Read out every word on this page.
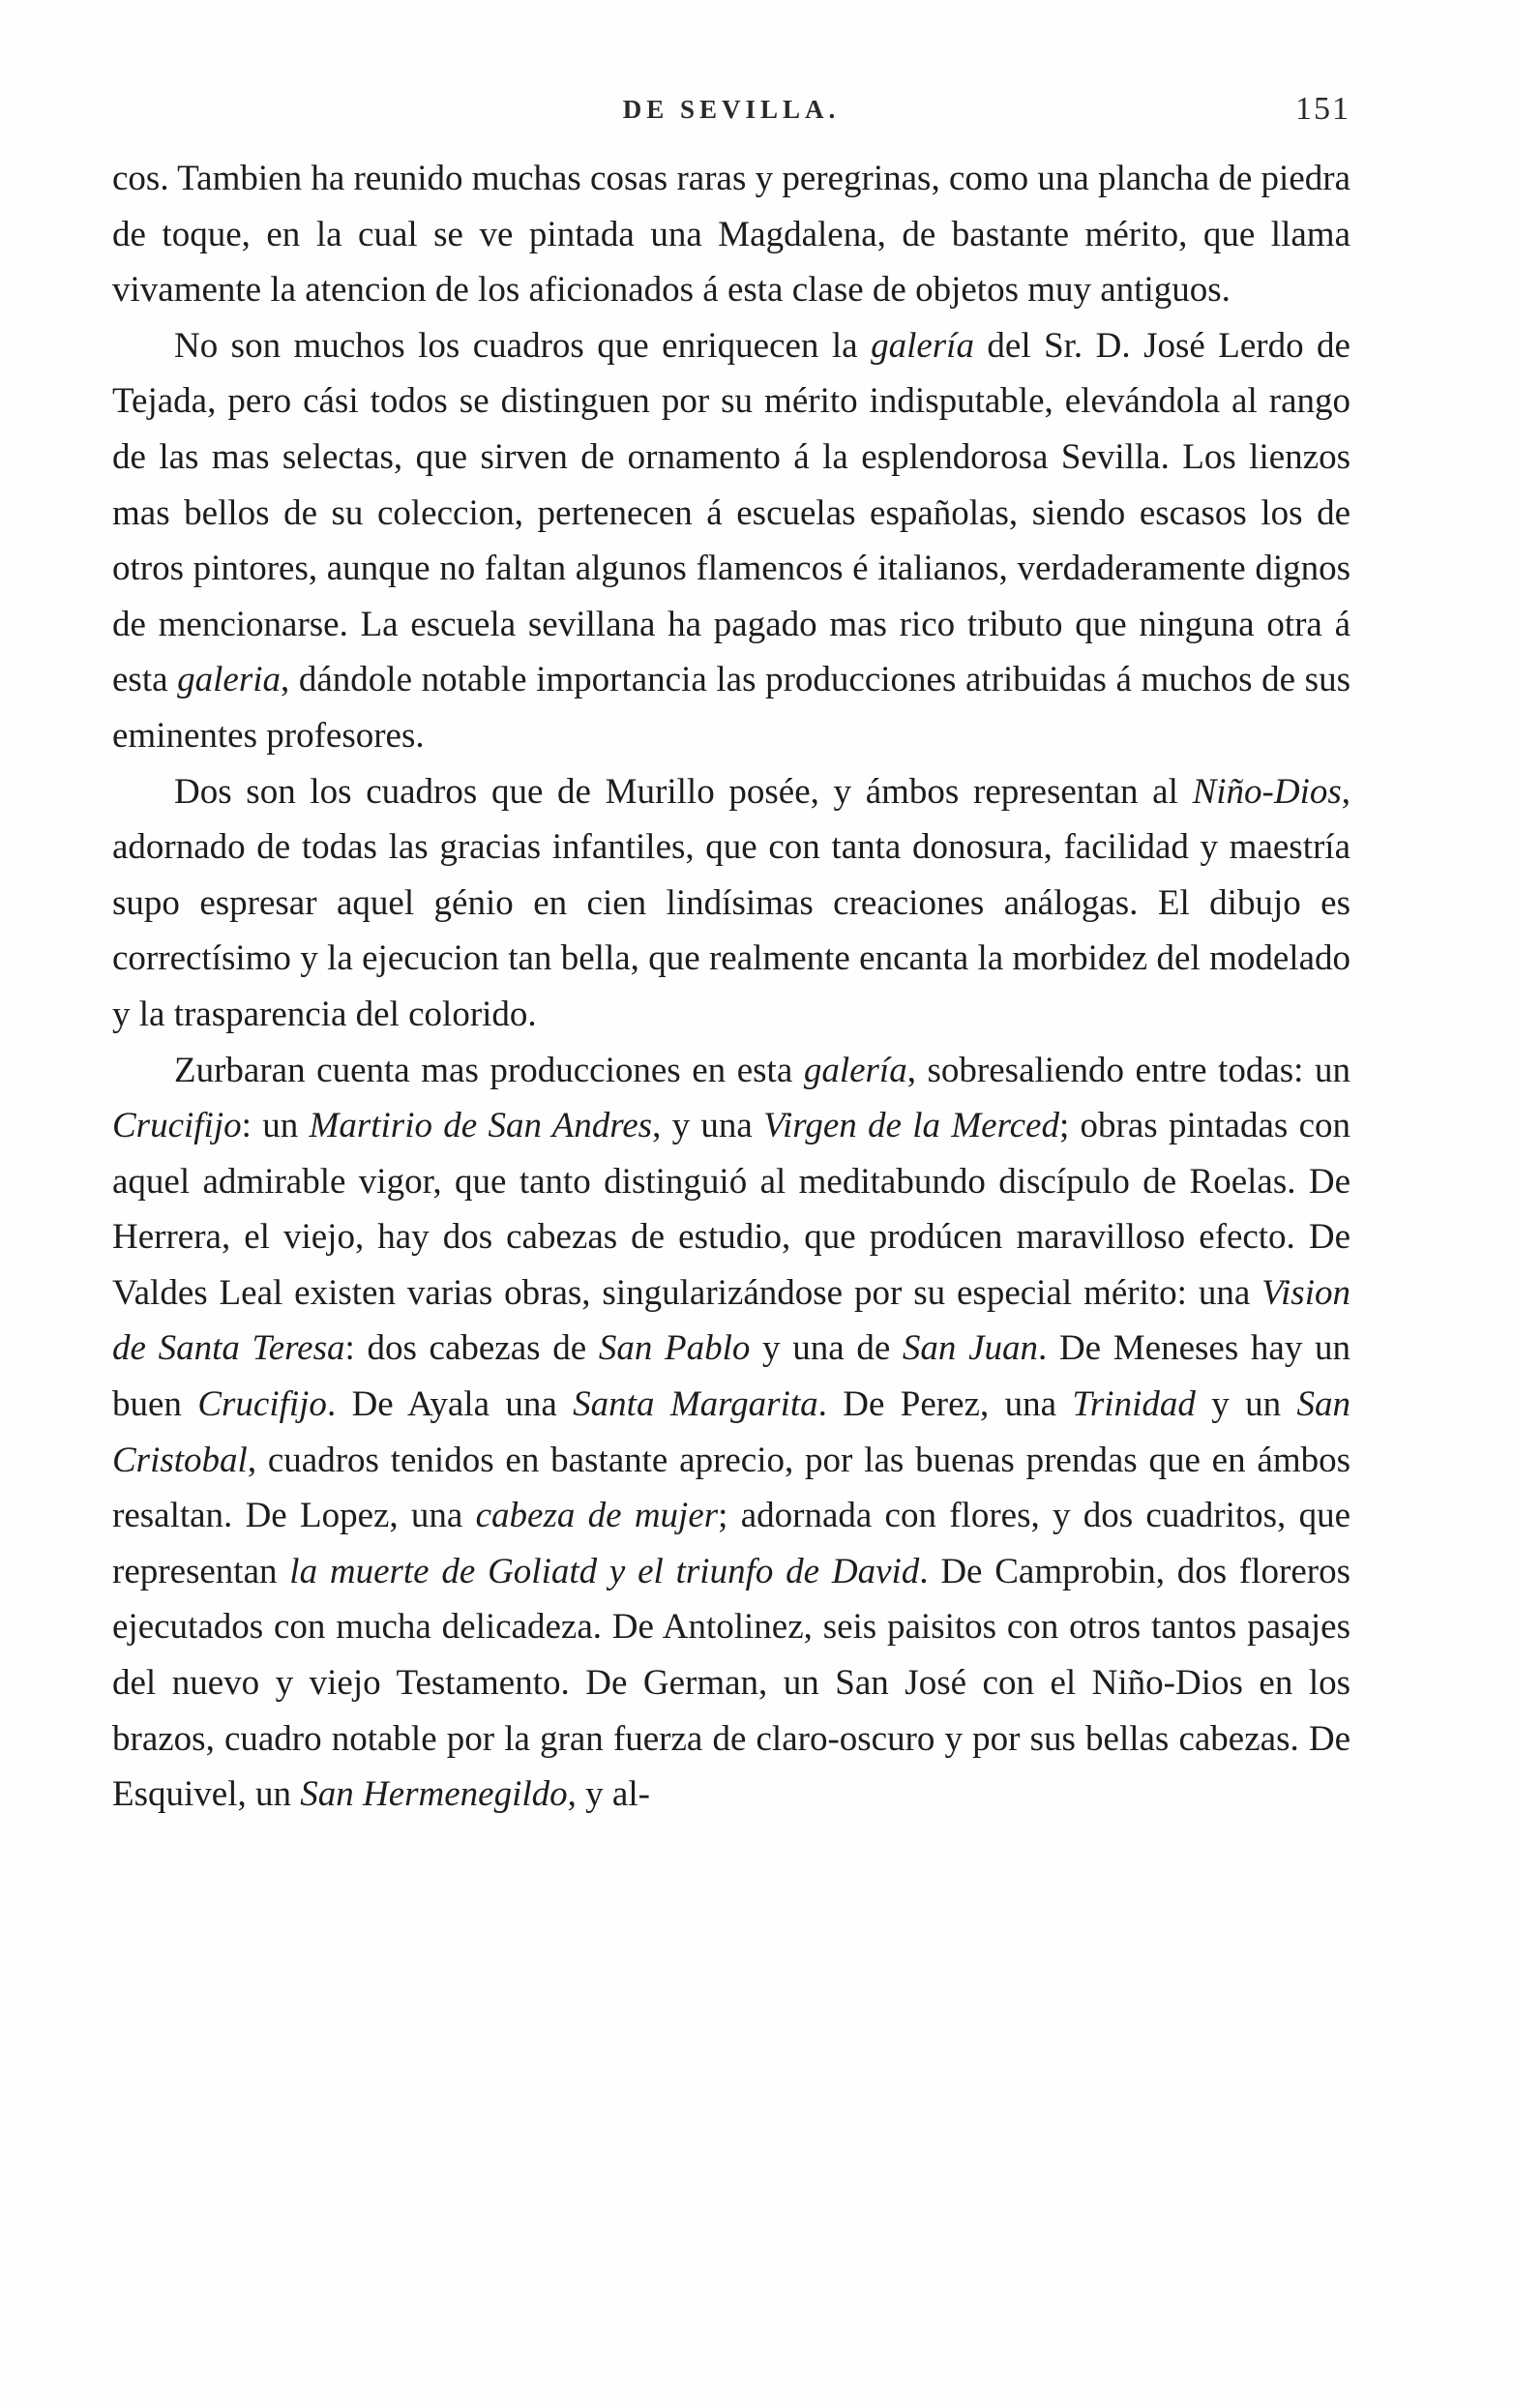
DE SEVILLA.	151

cos. Tambien ha reunido muchas cosas raras y peregrinas, como una plancha de piedra de toque, en la cual se ve pintada una Magdalena, de bastante mérito, que llama vivamente la atencion de los aficionados á esta clase de objetos muy antiguos.

No son muchos los cuadros que enriquecen la galería del Sr. D. José Lerdo de Tejada, pero cási todos se distinguen por su mérito indisputable, elevándola al rango de las mas selectas, que sirven de ornamento á la esplendorosa Sevilla. Los lienzos mas bellos de su coleccion, pertenecen á escuelas españolas, siendo escasos los de otros pintores, aunque no faltan algunos flamencos é italianos, verdaderamente dignos de mencionarse. La escuela sevillana ha pagado mas rico tributo que ninguna otra á esta galeria, dándole notable importancia las producciones atribuidas á muchos de sus eminentes profesores.

Dos son los cuadros que de Murillo posée, y ámbos representan al Niño-Dios, adornado de todas las gracias infantiles, que con tanta donosura, facilidad y maestría supo espresar aquel génio en cien lindísimas creaciones análogas. El dibujo es correctísimo y la ejecucion tan bella, que realmente encanta la morbidez del modelado y la trasparencia del colorido.

Zurbaran cuenta mas producciones en esta galería, sobresaliendo entre todas: un Crucifijo: un Martirio de San Andres, y una Virgen de la Merced; obras pintadas con aquel admirable vigor, que tanto distinguió al meditabundo discípulo de Roelas. De Herrera, el viejo, hay dos cabezas de estudio, que prodúcen maravilloso efecto. De Valdes Leal existen varias obras, singularizándose por su especial mérito: una Vision de Santa Teresa: dos cabezas de San Pablo y una de San Juan. De Meneses hay un buen Crucifijo. De Ayala una Santa Margarita. De Perez, una Trinidad y un San Cristobal, cuadros tenidos en bastante aprecio, por las buenas prendas que en ámbos resaltan. De Lopez, una cabeza de mujer; adornada con flores, y dos cuadritos, que representan la muerte de Goliatd y el triunfo de David. De Camprobin, dos floreros ejecutados con mucha delicadeza. De Antolinez, seis paisitos con otros tantos pasajes del nuevo y viejo Testamento. De German, un San José con el Niño-Dios en los brazos, cuadro notable por la gran fuerza de claro-oscuro y por sus bellas cabezas. De Esquivel, un San Hermenegildo, y al-
